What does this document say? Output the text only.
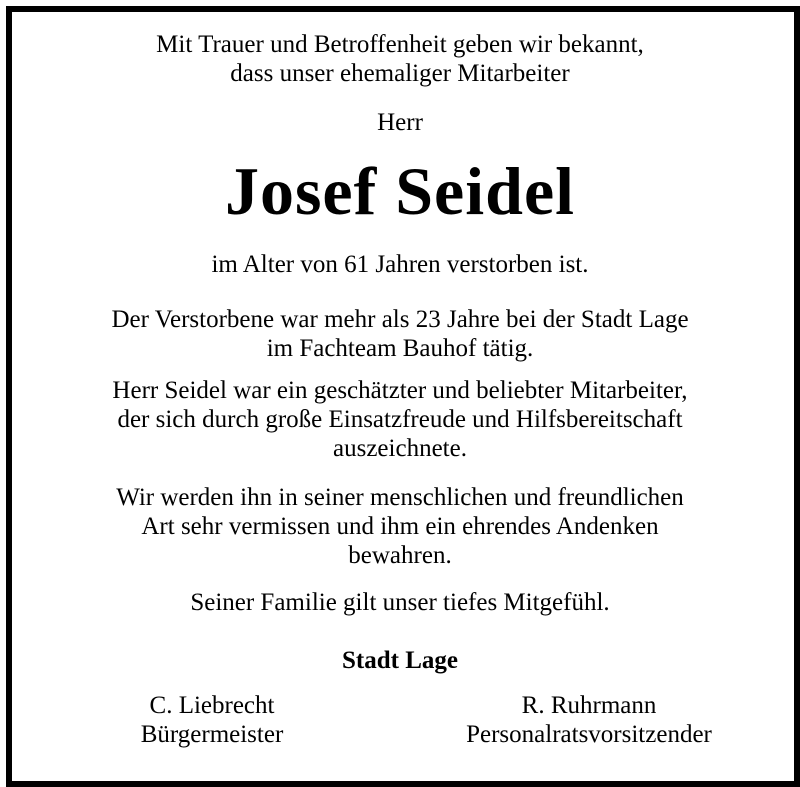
Mit Trauer und Betroffenheit geben wir bekannt,
dass unser ehemaliger Mitarbeiter
Herr
Josef Seidel
im Alter von 61 Jahren verstorben ist.
Der Verstorbene war mehr als 23 Jahre bei der Stadt Lage
im Fachteam Bauhof tätig.
Herr Seidel war ein geschätzter und beliebter Mitarbeiter,
der sich durch große Einsatzfreude und Hilfsbereitschaft
auszeichnete.
Wir werden ihn in seiner menschlichen und freundlichen
Art sehr vermissen und ihm ein ehrendes Andenken
bewahren.
Seiner Familie gilt unser tiefes Mitgefühl.
Stadt Lage
C. Liebrecht
Bürgermeister
R. Ruhrmann
Personalratsvorsitzender
